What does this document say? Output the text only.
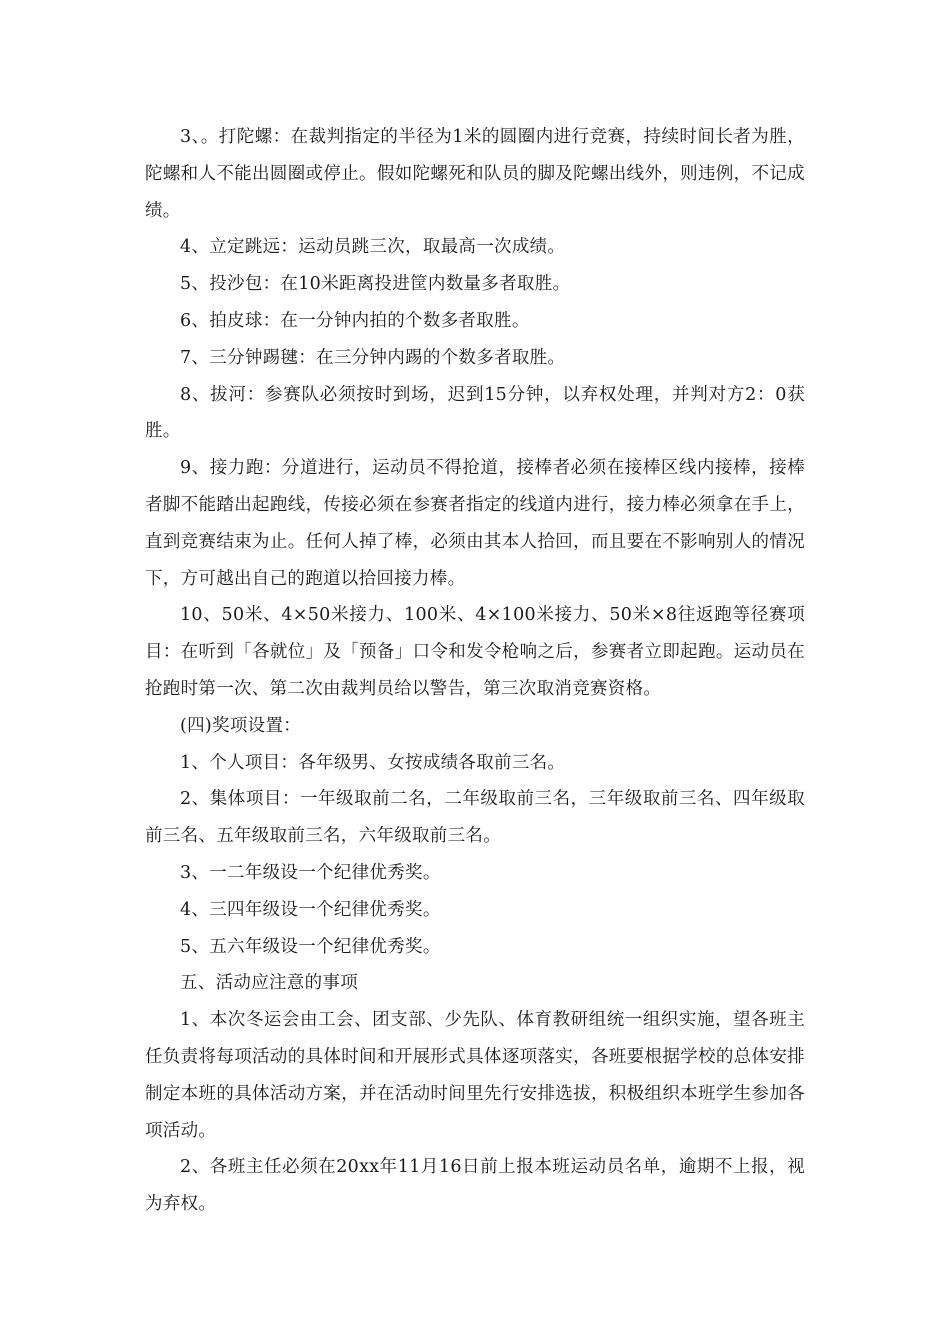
3、。打陀螺：在裁判指定的半径为1米的圆圈内进行竞赛，持续时间长者为胜，陀螺和人不能出圆圈或停止。假如陀螺死和队员的脚及陀螺出线外，则违例，不记成绩。

4、立定跳远：运动员跳三次，取最高一次成绩。

5、投沙包：在10米距离投进筐内数量多者取胜。

6、拍皮球：在一分钟内拍的个数多者取胜。

7、三分钟踢毽：在三分钟内踢的个数多者取胜。

8、拔河：参赛队必须按时到场，迟到15分钟，以弃权处理，并判对方2：0获胜。

9、接力跑：分道进行，运动员不得抢道，接棒者必须在接棒区线内接棒，接棒者脚不能踏出起跑线，传接必须在参赛者指定的线道内进行，接力棒必须拿在手上，直到竞赛结束为止。任何人掉了棒，必须由其本人拾回，而且要在不影响别人的情况下，方可越出自己的跑道以拾回接力棒。

10、50米、4×50米接力、100米、4×100米接力、50米×8往返跑等径赛项目：在听到「各就位」及「预备」口令和发令枪响之后，参赛者立即起跑。运动员在抢跑时第一次、第二次由裁判员给以警告，第三次取消竞赛资格。

(四)奖项设置：

1、个人项目：各年级男、女按成绩各取前三名。

2、集体项目：一年级取前二名，二年级取前三名，三年级取前三名、四年级取前三名、五年级取前三名，六年级取前三名。

3、一二年级设一个纪律优秀奖。

4、三四年级设一个纪律优秀奖。

5、五六年级设一个纪律优秀奖。

五、活动应注意的事项

1、本次冬运会由工会、团支部、少先队、体育教研组统一组织实施，望各班主任负责将每项活动的具体时间和开展形式具体逐项落实，各班要根据学校的总体安排制定本班的具体活动方案，并在活动时间里先行安排选拔，积极组织本班学生参加各项活动。

2、各班主任必须在20xx年11月16日前上报本班运动员名单，逾期不上报，视为弃权。
